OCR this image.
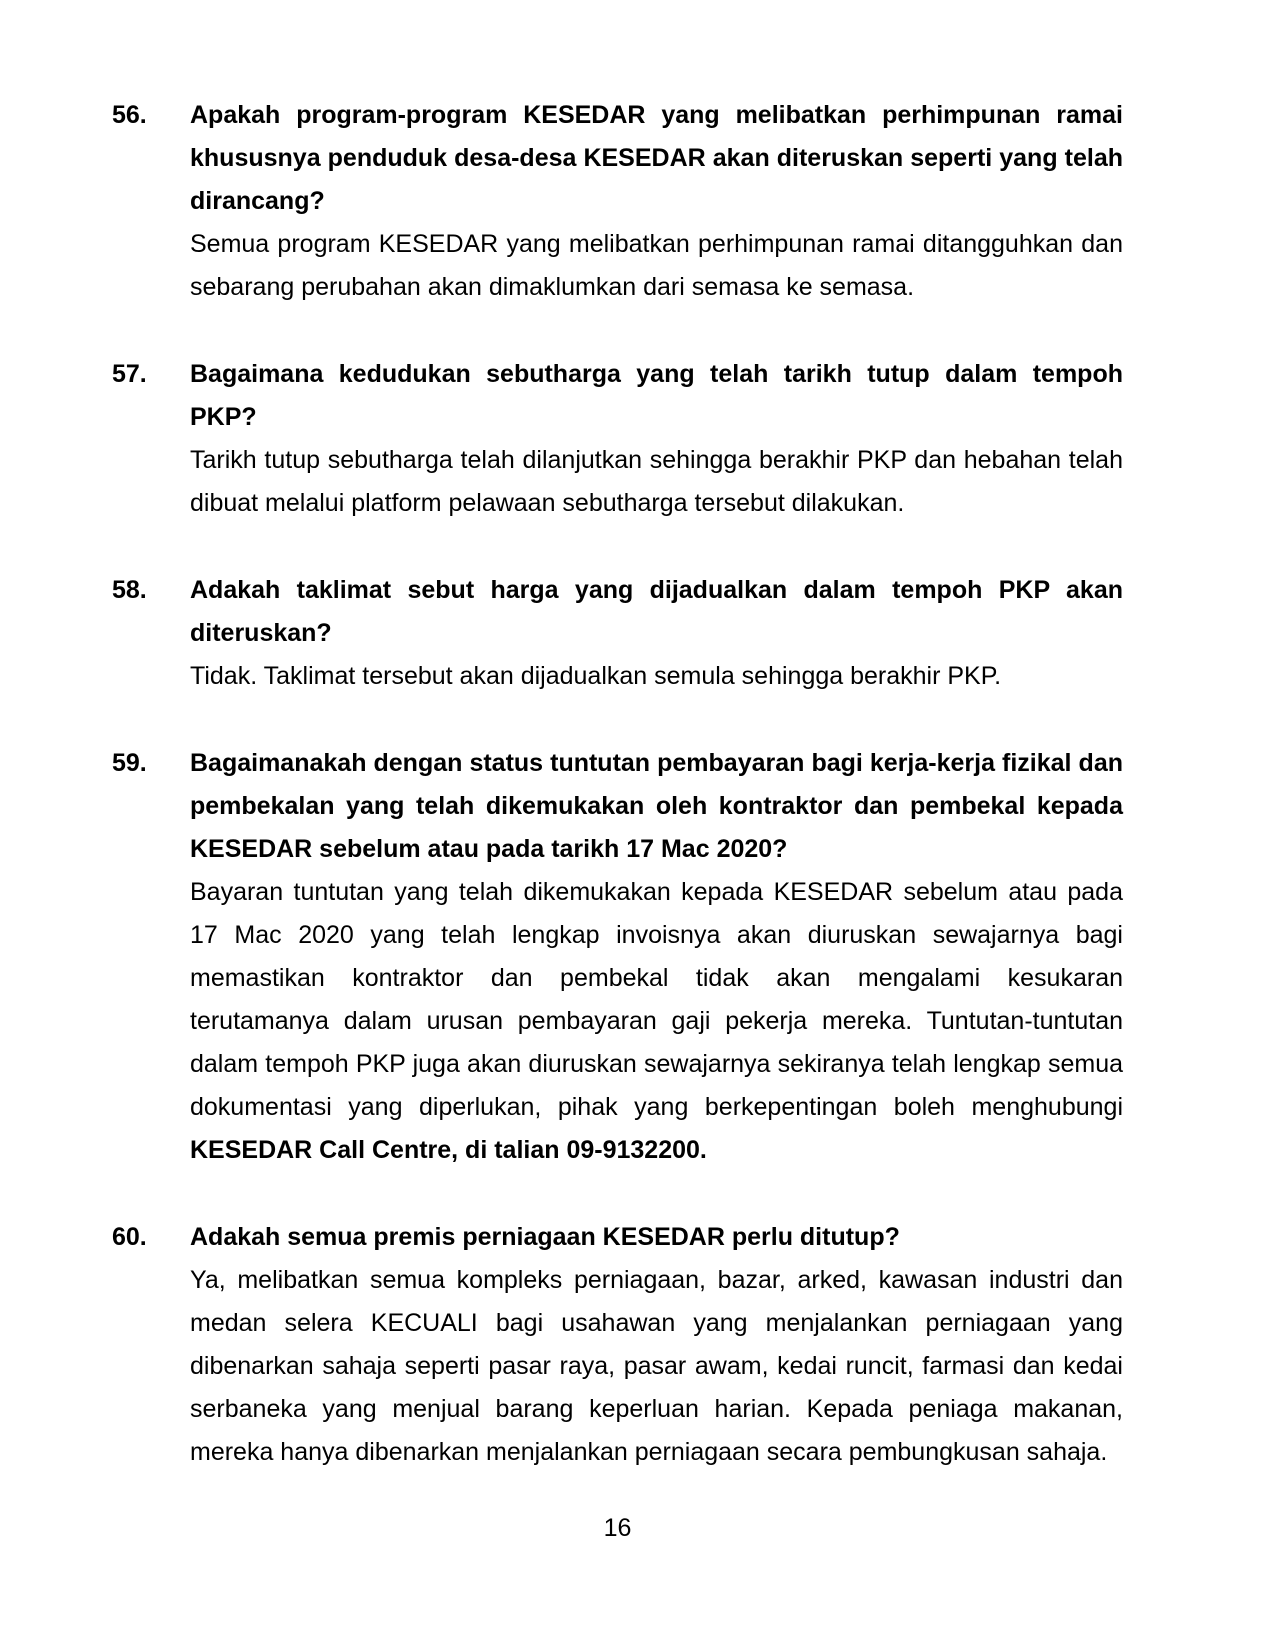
56.	Apakah program-program KESEDAR yang melibatkan perhimpunan ramai khususnya penduduk desa-desa KESEDAR akan diteruskan seperti yang telah dirancang?
Semua program KESEDAR yang melibatkan perhimpunan ramai ditangguhkan dan sebarang perubahan akan dimaklumkan dari semasa ke semasa.
57.	Bagaimana kedudukan sebutharga yang telah tarikh tutup dalam tempoh PKP?
Tarikh tutup sebutharga telah dilanjutkan sehingga berakhir PKP dan hebahan telah dibuat melalui platform pelawaan sebutharga tersebut dilakukan.
58.	Adakah taklimat sebut harga yang dijadualkan dalam tempoh PKP akan diteruskan?
Tidak. Taklimat tersebut akan dijadualkan semula sehingga berakhir PKP.
59.	Bagaimanakah dengan status tuntutan pembayaran bagi kerja-kerja fizikal dan pembekalan yang telah dikemukakan oleh kontraktor dan pembekal kepada KESEDAR sebelum atau pada tarikh 17 Mac 2020?
Bayaran tuntutan yang telah dikemukakan kepada KESEDAR sebelum atau pada 17 Mac 2020 yang telah lengkap invoisnya akan diuruskan sewajarnya bagi memastikan kontraktor dan pembekal tidak akan mengalami kesukaran terutamanya dalam urusan pembayaran gaji pekerja mereka. Tuntutan-tuntutan dalam tempoh PKP juga akan diuruskan sewajarnya sekiranya telah lengkap semua dokumentasi yang diperlukan, pihak yang berkepentingan boleh menghubungi KESEDAR Call Centre, di talian 09-9132200.
60.	Adakah semua premis perniagaan KESEDAR perlu ditutup?
Ya, melibatkan semua kompleks perniagaan, bazar, arked, kawasan industri dan medan selera KECUALI bagi usahawan yang menjalankan perniagaan yang dibenarkan sahaja seperti pasar raya, pasar awam, kedai runcit, farmasi dan kedai serbaneka yang menjual barang keperluan harian. Kepada peniaga makanan, mereka hanya dibenarkan menjalankan perniagaan secara pembungkusan sahaja.
16
